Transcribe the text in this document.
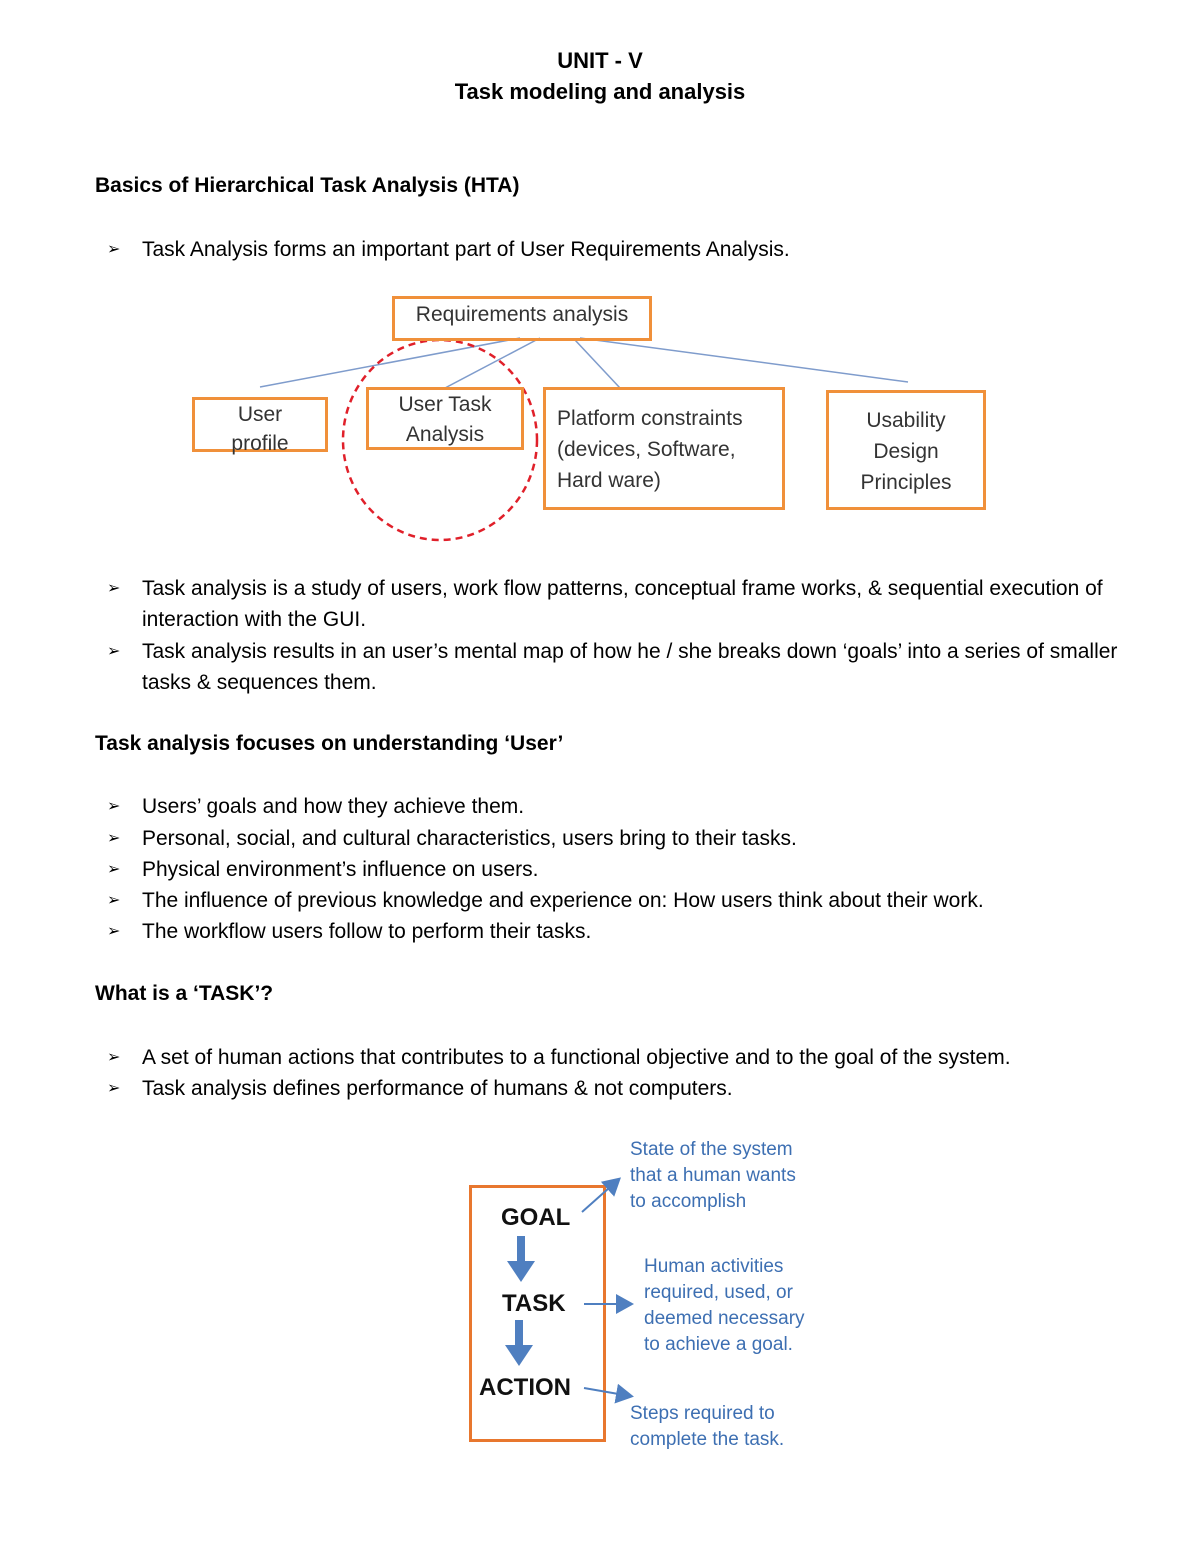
UNIT - V
Task modeling and analysis
Basics of Hierarchical Task Analysis (HTA)
➢	Task Analysis forms an important part of User Requirements Analysis.
Requirements analysis
User
profile
User Task
Analysis
Platform constraints
(devices, Software,
Hard ware)
Usability
Design
Principles
➢	Task analysis is a study of users, work flow patterns, conceptual frame works, & sequential execution of interaction with the GUI.
➢	Task analysis results in an user’s mental map of how he / she breaks down ‘goals’ into a series of smaller tasks & sequences them.
Task analysis focuses on understanding ‘User’
➢	Users’ goals and how they achieve them.
➢	Personal, social, and cultural characteristics, users bring to their tasks.
➢	Physical environment’s influence on users.
➢	The influence of previous knowledge and experience on: How users think about their work.
➢	The workflow users follow to perform their tasks.
What is a ‘TASK’?
➢	A set of human actions that contributes to a functional objective and to the goal of the system.
➢	Task analysis defines performance of humans & not computers.
GOAL
TASK
ACTION
State of the system
that a human wants
to accomplish
Human activities
required, used, or
deemed necessary
to achieve a goal.
Steps required to
complete the task.
